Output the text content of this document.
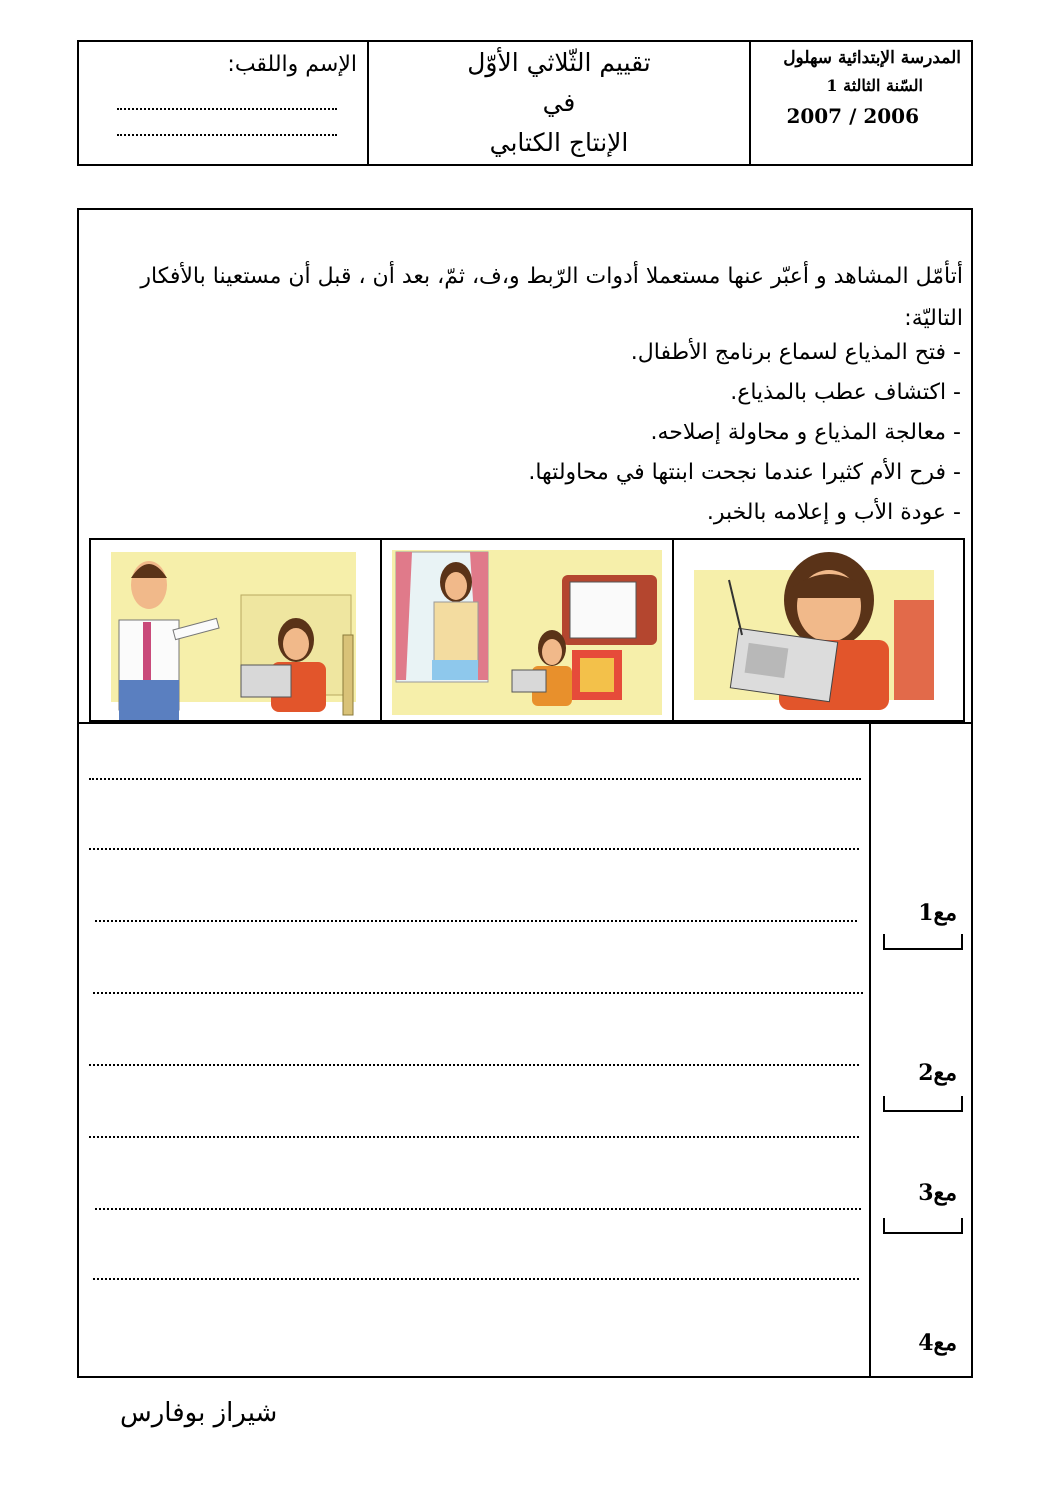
الإسم واللقب:	تقييم الثّلاثي الأوّل
في
الإنتاج الكتابي
المدرسة الإبتدائية سهلول
السّنة الثالثة 1
2007 / 2006
أتأمّل المشاهد و أعبّر عنها مستعملا أدوات الرّبط و،ف، ثمّ، بعد أن ، قبل أن مستعينا بالأفكار التاليّة:
- فتح المذياع لسماع برنامج الأطفال.
- اكتشاف عطب بالمذياع.
- معالجة المذياع و محاولة إصلاحه.
- فرح الأم كثيرا عندما نجحت ابنتها في محاولتها.
- عودة الأب و إعلامه بالخبر.
مع1
مع2
مع3
مع4
شيراز بوفارس
